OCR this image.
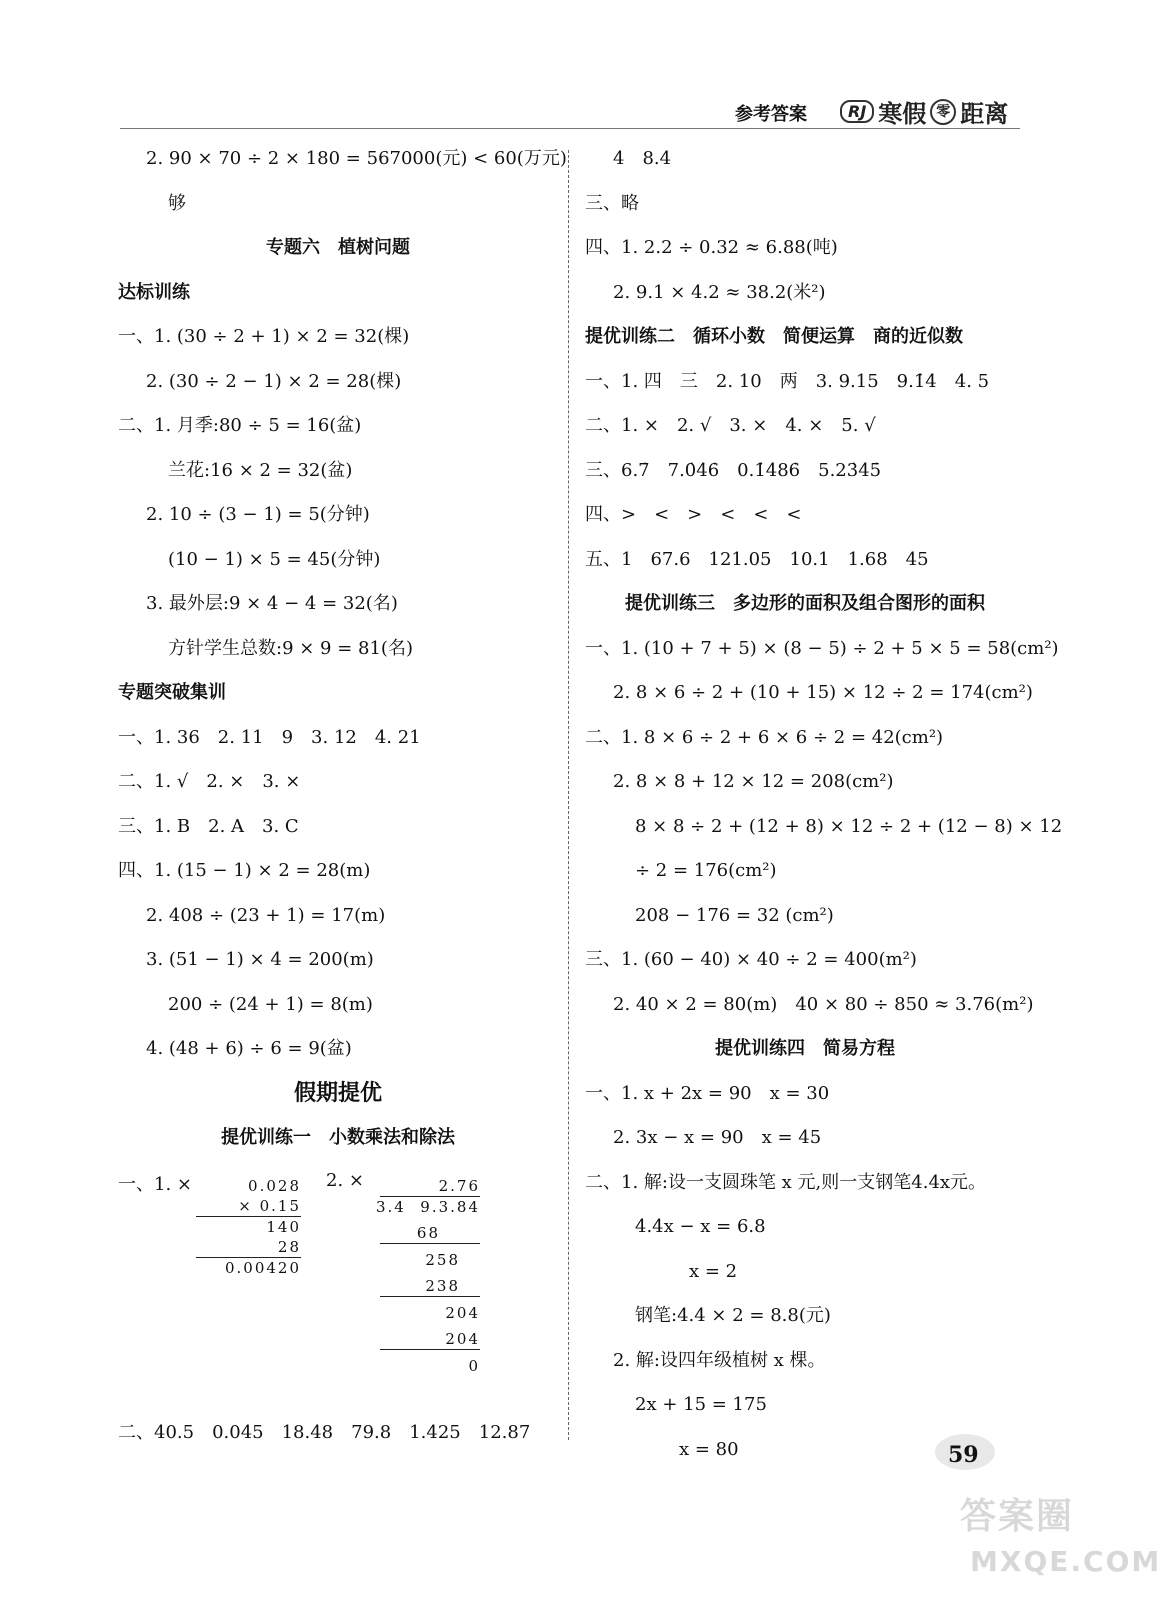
参考答案	RJ 寒假 零 距离
2. 90 × 70 ÷ 2 × 180 = 567000(元) < 60(万元)
够
专题六　植树问题
达标训练
一、1. (30 ÷ 2 + 1) × 2 = 32(棵)
2. (30 ÷ 2 − 1) × 2 = 28(棵)
二、1. 月季:80 ÷ 5 = 16(盆)
兰花:16 × 2 = 32(盆)
2. 10 ÷ (3 − 1) = 5(分钟)
(10 − 1) × 5 = 45(分钟)
3. 最外层:9 × 4 − 4 = 32(名)
方针学生总数:9 × 9 = 81(名)
专题突破集训
一、1. 36　2. 11　9　3. 12　4. 21
二、1. √　2. ×　3. ×
三、1. B　2. A　3. C
四、1. (15 − 1) × 2 = 28(m)
2. 408 ÷ (23 + 1) = 17(m)
3. (51 − 1) × 4 = 200(m)
200 ÷ (24 + 1) = 8(m)
4. (48 + 6) ÷ 6 = 9(盆)
假期提优
提优训练一　小数乘法和除法
一、1. ×	0.028
× 0.15
140
28
0.00420
2. ×	2.76
3.4 9.3.84
68
258
238
204
204
0
二、40.5　0.045　18.48　79.8　1.425　12.87
4　8.4
三、略
四、1. 2.2 ÷ 0.32 ≈ 6.88(吨)
2. 9.1 × 4.2 ≈ 38.2(米²)
提优训练二　循环小数　简便运算　商的近似数
一、1. 四　三　2. 10　两　3. 9.15　9.1̇4̇　4. 5
二、1. ×　2. √　3. ×　4. ×　5. √
三、6.7̇　7.0̇4̇6̇　0.1̇486̇　5.23̇45̇
四、>　<　>　<　<　<
五、1　67.6　121.05　10.1　1.68　45
提优训练三　多边形的面积及组合图形的面积
一、1. (10 + 7 + 5) × (8 − 5) ÷ 2 + 5 × 5 = 58(cm²)
2. 8 × 6 ÷ 2 + (10 + 15) × 12 ÷ 2 = 174(cm²)
二、1. 8 × 6 ÷ 2 + 6 × 6 ÷ 2 = 42(cm²)
2. 8 × 8 + 12 × 12 = 208(cm²)
8 × 8 ÷ 2 + (12 + 8) × 12 ÷ 2 + (12 − 8) × 12
÷ 2 = 176(cm²)
208 − 176 = 32 (cm²)
三、1. (60 − 40) × 40 ÷ 2 = 400(m²)
2. 40 × 2 = 80(m)　40 × 80 ÷ 850 ≈ 3.76(m²)
提优训练四　简易方程
一、1. x + 2x = 90　x = 30
2. 3x − x = 90　x = 45
二、1. 解:设一支圆珠笔 x 元,则一支钢笔4.4x元。
4.4x − x = 6.8
x = 2
钢笔:4.4 × 2 = 8.8(元)
2. 解:设四年级植树 x 棵。
2x + 15 = 175
x = 80	59
答案圈
MXQE.COM
